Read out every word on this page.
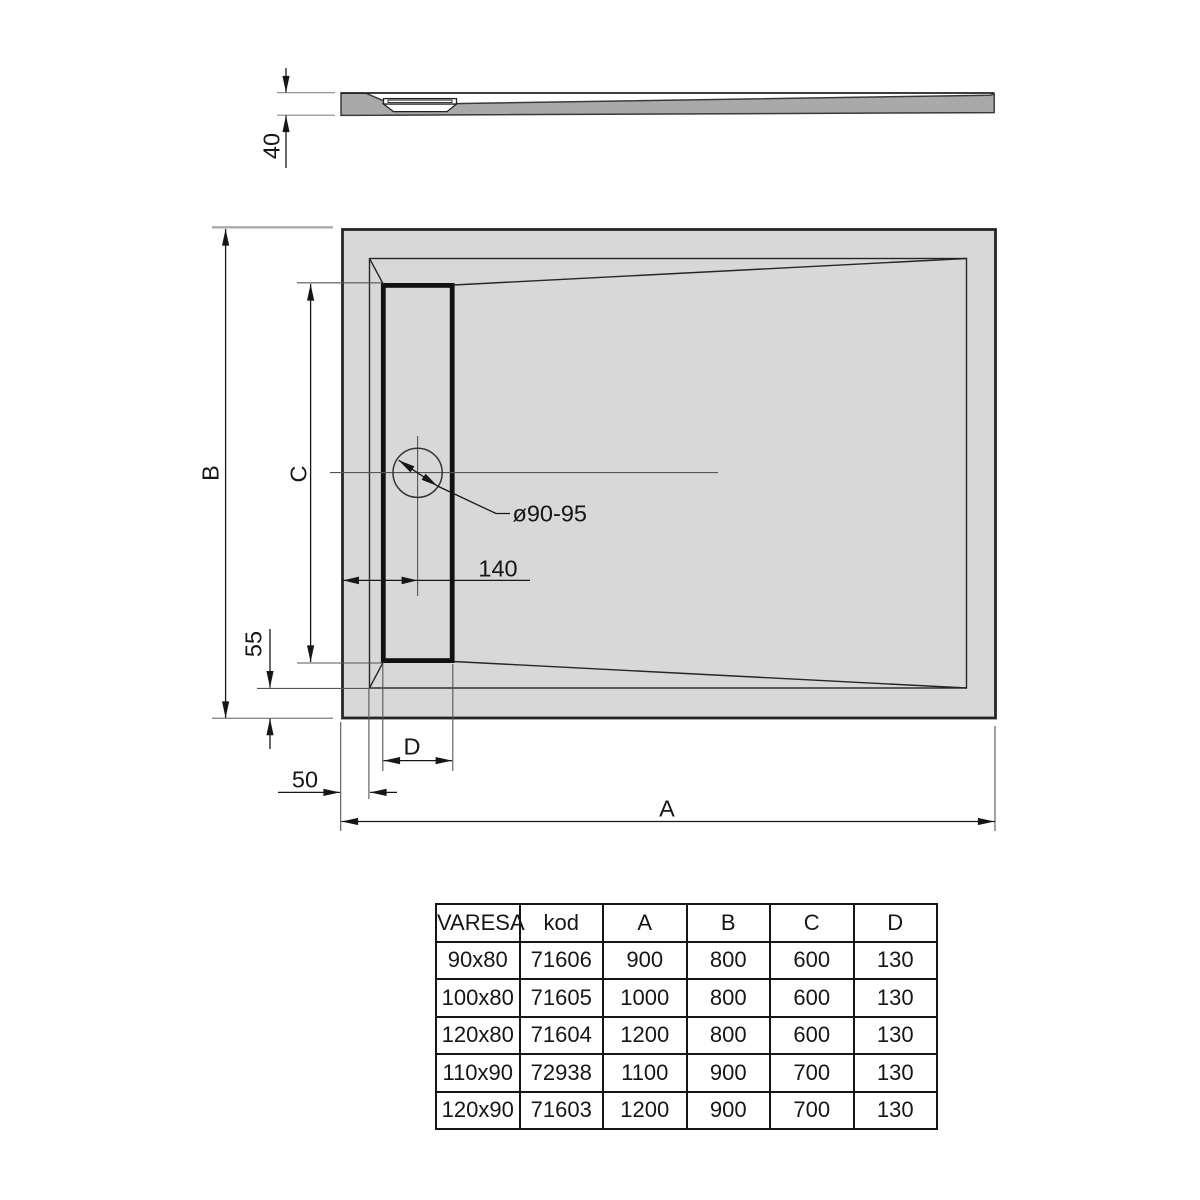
40
B	C
55
50
140
D
A
ø90-95
VARESA	kod	A	B	C	D
90x80	71606	900	800	600	130
100x80	71605	1000	800	600	130
120x80	71604	1200	800	600	130
110x90	72938	1100	900	700	130
120x90	71603	1200	900	700	130
